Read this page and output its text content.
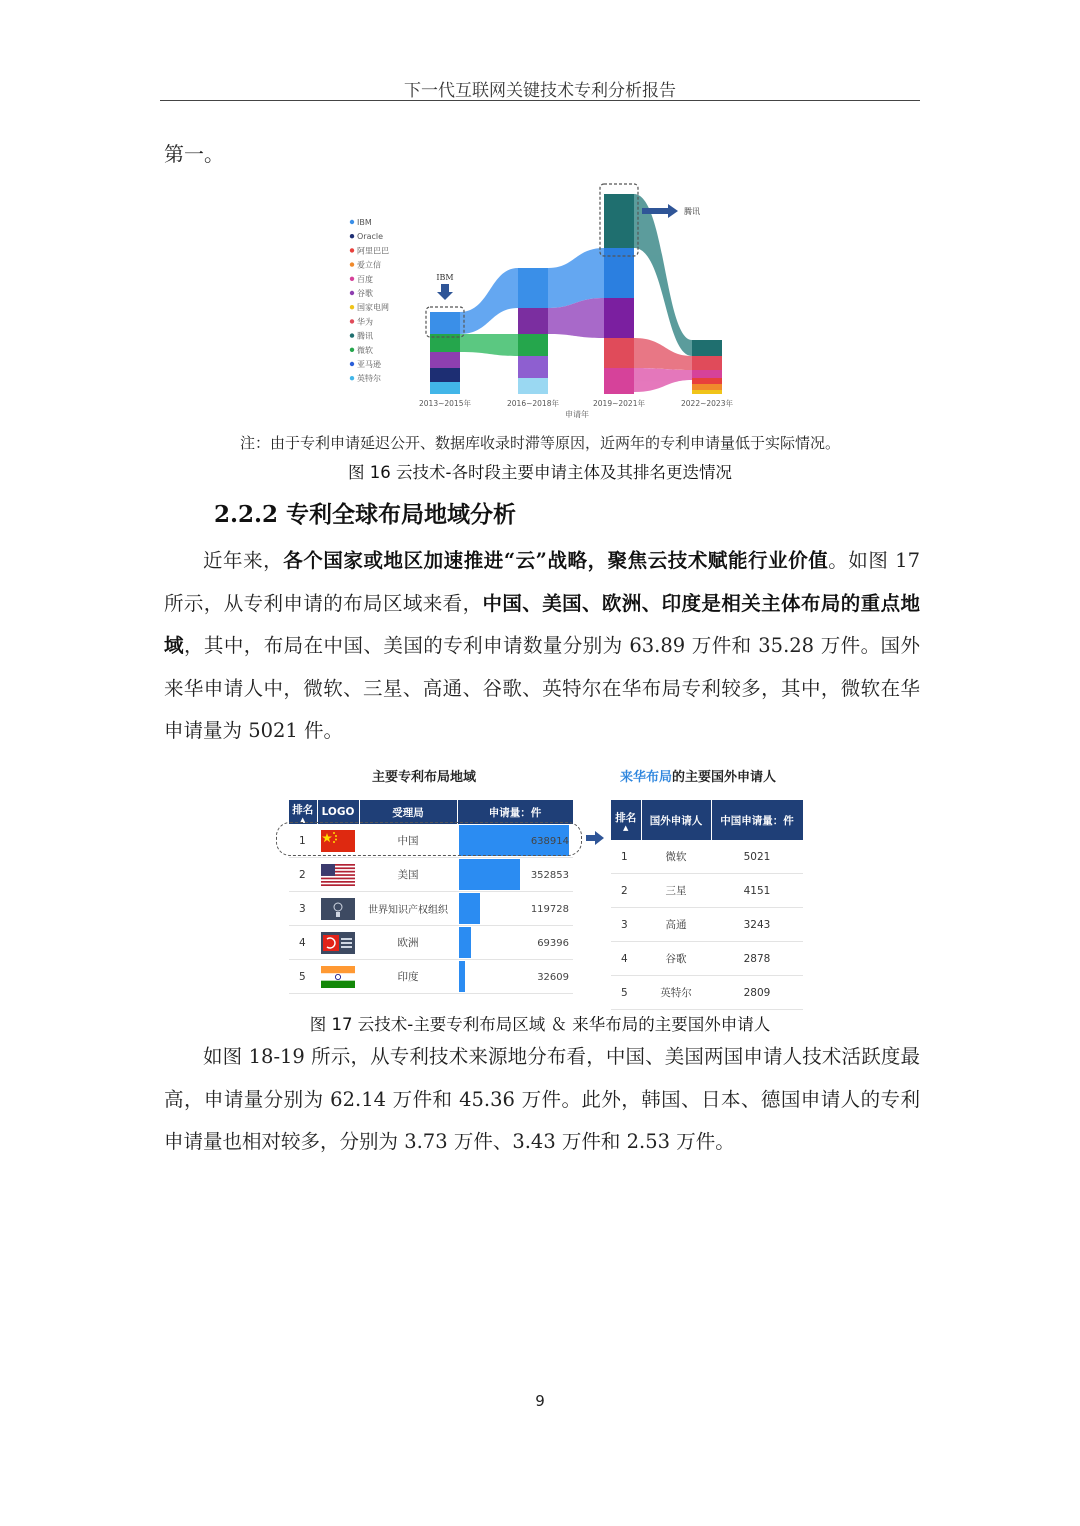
下一代互联网关键技术专利分析报告
第一。
IBM
腾讯
2013~2015年	2016~2018年	2019~2021年	2022~2023年
申请年
IBM
Oracle
阿里巴巴
爱立信
百度
谷歌
国家电网
华为
腾讯
微软
亚马逊
英特尔
注：由于专利申请延迟公开、数据库收录时滞等原因，近两年的专利申请量低于实际情况。
图 16 云技术-各时段主要申请主体及其排名更迭情况
2.2.2 专利全球布局地域分析

近年来，各个国家或地区加速推进“云”战略，聚焦云技术赋能行业价值。如图 17 所示，从专利申请的布局区域来看，中国、美国、欧洲、印度是相关主体布局的重点地域，其中，布局在中国、美国的专利申请数量分别为 63.89 万件和 35.28 万件。国外来华申请人中，微软、三星、高通、谷歌、英特尔在华布局专利较多，其中，微软在华申请量为 5021 件。

主要专利布局地域	来华布局的主要国外申请人
排名
▲	LOGO	受理局	申请量：件
1		中国	638914
2		美国	352853
3		世界知识产权组织	119728
4		欧洲	69396
5		印度	32609
排名
▲	国外申请人	中国申请量：件
1	微软	5021
2	三星	4151
3	高通	3243
4	谷歌	2878
5	英特尔	2809
图 17 云技术-主要专利布局区域 ＆ 来华布局的主要国外申请人

如图 18-19 所示，从专利技术来源地分布看，中国、美国两国申请人技术活跃度最高，申请量分别为 62.14 万件和 45.36 万件。此外，韩国、日本、德国申请人的专利申请量也相对较多，分别为 3.73 万件、3.43 万件和 2.53 万件。

9
